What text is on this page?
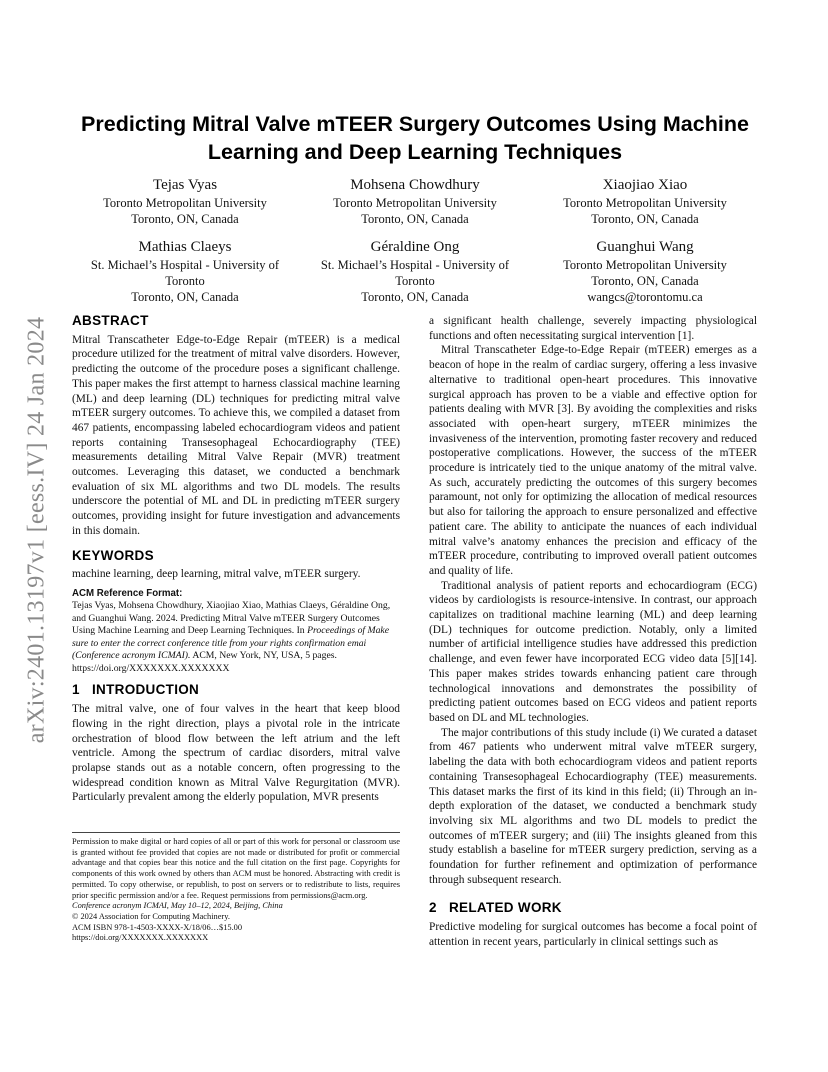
arXiv:2401.13197v1 [eess.IV] 24 Jan 2024
Predicting Mitral Valve mTEER Surgery Outcomes Using Machine
Learning and Deep Learning Techniques
Tejas Vyas
Toronto Metropolitan University
Toronto, ON, Canada
Mohsena Chowdhury
Toronto Metropolitan University
Toronto, ON, Canada
Xiaojiao Xiao
Toronto Metropolitan University
Toronto, ON, Canada
Mathias Claeys
St. Michael’s Hospital - University of
Toronto
Toronto, ON, Canada
Géraldine Ong
St. Michael’s Hospital - University of
Toronto
Toronto, ON, Canada
Guanghui Wang
Toronto Metropolitan University
Toronto, ON, Canada
wangcs@torontomu.ca
ABSTRACT

Mitral Transcatheter Edge-to-Edge Repair (mTEER) is a medical procedure utilized for the treatment of mitral valve disorders. However, predicting the outcome of the procedure poses a significant challenge. This paper makes the first attempt to harness classical machine learning (ML) and deep learning (DL) techniques for predicting mitral valve mTEER surgery outcomes. To achieve this, we compiled a dataset from 467 patients, encompassing labeled echocardiogram videos and patient reports containing Transesophageal Echocardiography (TEE) measurements detailing Mitral Valve Repair (MVR) treatment outcomes. Leveraging this dataset, we conducted a benchmark evaluation of six ML algorithms and two DL models. The results underscore the potential of ML and DL in predicting mTEER surgery outcomes, providing insight for future investigation and advancements in this domain.

KEYWORDS

machine learning, deep learning, mitral valve, mTEER surgery.

ACM Reference Format:
Tejas Vyas, Mohsena Chowdhury, Xiaojiao Xiao, Mathias Claeys, Géraldine Ong, and Guanghui Wang. 2024. Predicting Mitral Valve mTEER Surgery Outcomes Using Machine Learning and Deep Learning Techniques. In Proceedings of Make sure to enter the correct conference title from your rights confirmation emai (Conference acronym ICMAI). ACM, New York, NY, USA, 5 pages. https://doi.org/XXXXXXX.XXXXXXX
1 INTRODUCTION

The mitral valve, one of four valves in the heart that keep blood flowing in the right direction, plays a pivotal role in the intricate orchestration of blood flow between the left atrium and the left ventricle. Among the spectrum of cardiac disorders, mitral valve prolapse stands out as a notable concern, often progressing to the widespread condition known as Mitral Valve Regurgitation (MVR). Particularly prevalent among the elderly population, MVR presents

Permission to make digital or hard copies of all or part of this work for personal or classroom use is granted without fee provided that copies are not made or distributed for profit or commercial advantage and that copies bear this notice and the full citation on the first page. Copyrights for components of this work owned by others than ACM must be honored. Abstracting with credit is permitted. To copy otherwise, or republish, to post on servers or to redistribute to lists, requires prior specific permission and/or a fee. Request permissions from permissions@acm.org.

Conference acronym ICMAI, May 10–12, 2024, Beijing, China

© 2024 Association for Computing Machinery.

ACM ISBN 978-1-4503-XXXX-X/18/06…$15.00

https://doi.org/XXXXXXX.XXXXXXX

a significant health challenge, severely impacting physiological functions and often necessitating surgical intervention [1].

Mitral Transcatheter Edge-to-Edge Repair (mTEER) emerges as a beacon of hope in the realm of cardiac surgery, offering a less invasive alternative to traditional open-heart procedures. This innovative surgical approach has proven to be a viable and effective option for patients dealing with MVR [3]. By avoiding the complexities and risks associated with open-heart surgery, mTEER minimizes the invasiveness of the intervention, promoting faster recovery and reduced postoperative complications. However, the success of the mTEER procedure is intricately tied to the unique anatomy of the mitral valve. As such, accurately predicting the outcomes of this surgery becomes paramount, not only for optimizing the allocation of medical resources but also for tailoring the approach to ensure personalized and effective patient care. The ability to anticipate the nuances of each individual mitral valve’s anatomy enhances the precision and efficacy of the mTEER procedure, contributing to improved overall patient outcomes and quality of life.

Traditional analysis of patient reports and echocardiogram (ECG) videos by cardiologists is resource-intensive. In contrast, our approach capitalizes on traditional machine learning (ML) and deep learning (DL) techniques for outcome prediction. Notably, only a limited number of artificial intelligence studies have addressed this prediction challenge, and even fewer have incorporated ECG video data [5][14]. This paper makes strides towards enhancing patient care through technological innovations and demonstrates the possibility of predicting patient outcomes based on ECG videos and patient reports based on DL and ML technologies.

The major contributions of this study include (i) We curated a dataset from 467 patients who underwent mitral valve mTEER surgery, labeling the data with both echocardiogram videos and patient reports containing Transesophageal Echocardiography (TEE) measurements. This dataset marks the first of its kind in this field; (ii) Through an in-depth exploration of the dataset, we conducted a benchmark study involving six ML algorithms and two DL models to predict the outcomes of mTEER surgery; and (iii) The insights gleaned from this study establish a baseline for mTEER surgery prediction, serving as a foundation for further refinement and optimization of performance through subsequent research.

2 RELATED WORK

Predictive modeling for surgical outcomes has become a focal point of attention in recent years, particularly in clinical settings such as
